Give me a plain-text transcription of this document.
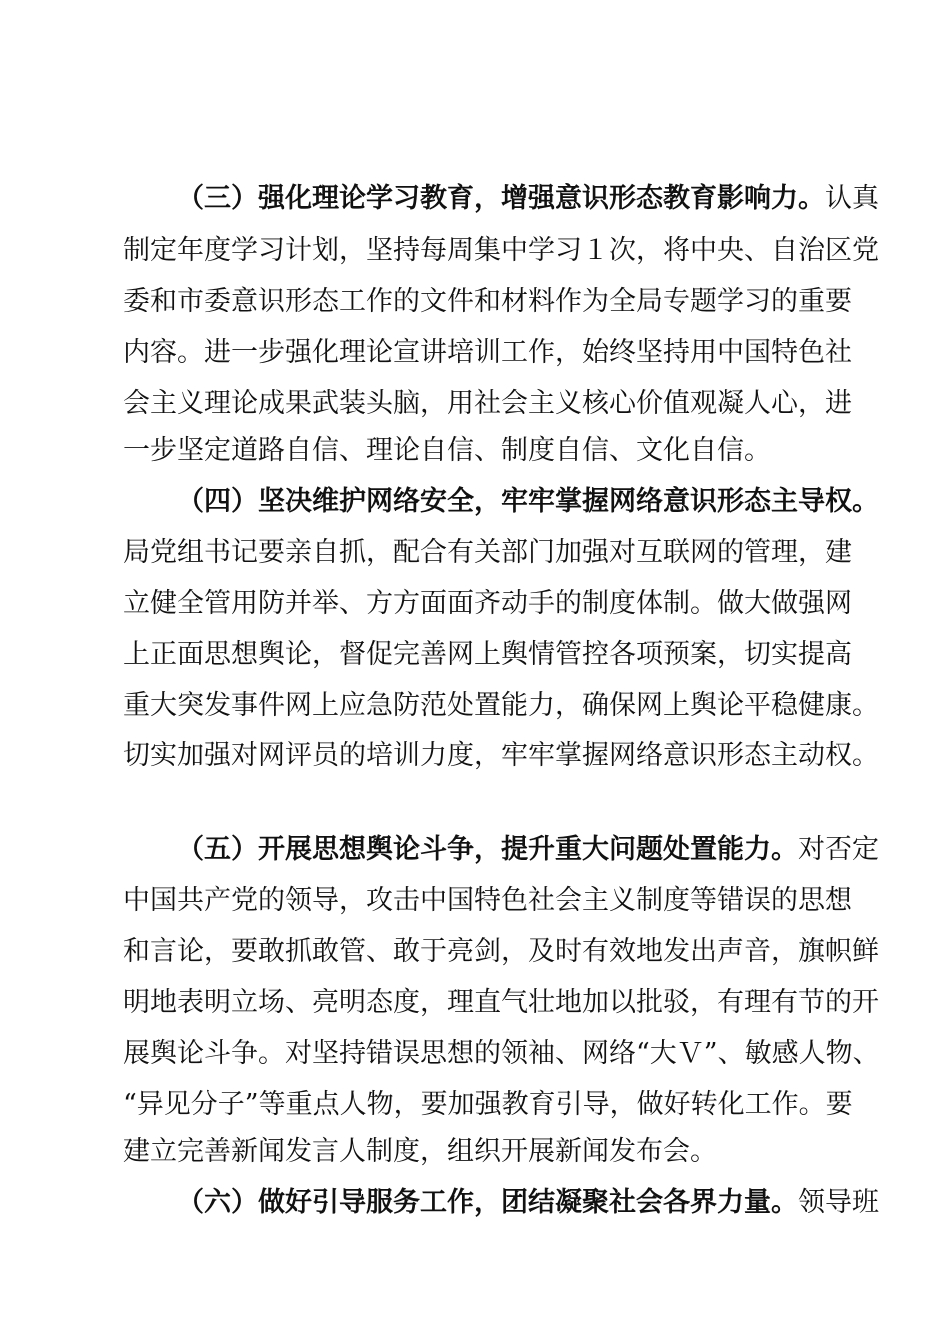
（三）强化理论学习教育，增强意识形态教育影响力。认真
制定年度学习计划，坚持每周集中学习１次，将中央、自治区党
委和市委意识形态工作的文件和材料作为全局专题学习的重要
内容。进一步强化理论宣讲培训工作，始终坚持用中国特色社
会主义理论成果武装头脑，用社会主义核心价值观凝人心，进
一步坚定道路自信、理论自信、制度自信、文化自信。
（四）坚决维护网络安全，牢牢掌握网络意识形态主导权。
局党组书记要亲自抓，配合有关部门加强对互联网的管理，建
立健全管用防并举、方方面面齐动手的制度体制。做大做强网
上正面思想舆论，督促完善网上舆情管控各项预案，切实提高
重大突发事件网上应急防范处置能力，确保网上舆论平稳健康。
切实加强对网评员的培训力度，牢牢掌握网络意识形态主动权。
（五）开展思想舆论斗争，提升重大问题处置能力。对否定
中国共产党的领导，攻击中国特色社会主义制度等错误的思想
和言论，要敢抓敢管、敢于亮剑，及时有效地发出声音，旗帜鲜
明地表明立场、亮明态度，理直气壮地加以批驳，有理有节的开
展舆论斗争。对坚持错误思想的领袖、网络“大Ｖ”、敏感人物、
“异见分子”等重点人物，要加强教育引导，做好转化工作。要
建立完善新闻发言人制度，组织开展新闻发布会。
（六）做好引导服务工作，团结凝聚社会各界力量。领导班
